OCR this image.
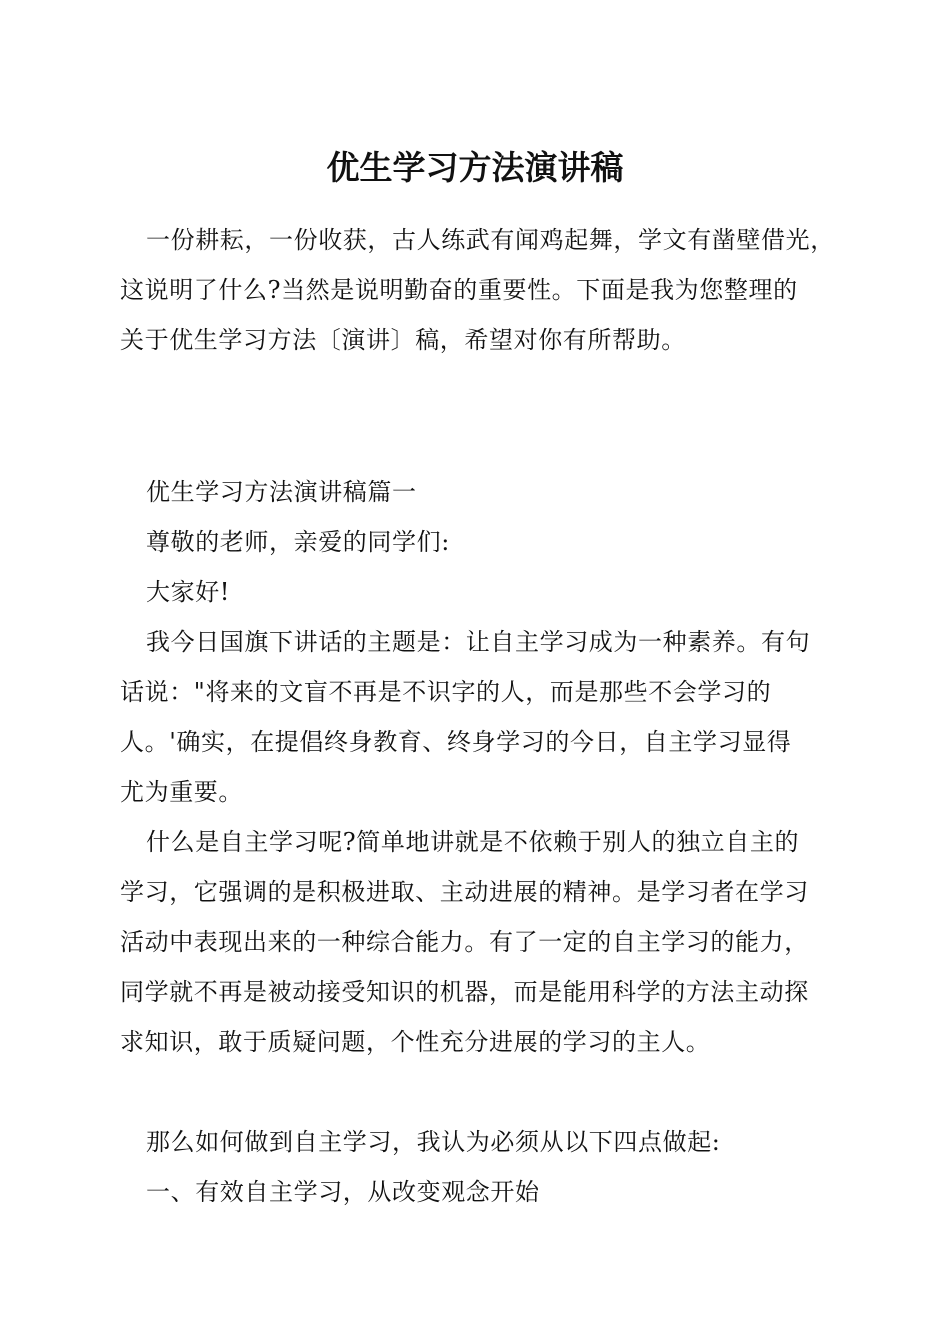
优生学习方法演讲稿
一份耕耘，一份收获，古人练武有闻鸡起舞，学文有凿壁借光，
这说明了什么?当然是说明勤奋的重要性。下面是我为您整理的
关于优生学习方法〔演讲〕稿，希望对你有所帮助。
优生学习方法演讲稿篇一
尊敬的老师，亲爱的同学们:
大家好!
我今日国旗下讲话的主题是：让自主学习成为一种素养。有句
话说："将来的文盲不再是不识字的人，而是那些不会学习的
人。'确实，在提倡终身教育、终身学习的今日，自主学习显得
尤为重要。
什么是自主学习呢?简单地讲就是不依赖于别人的独立自主的
学习，它强调的是积极进取、主动进展的精神。是学习者在学习
活动中表现出来的一种综合能力。有了一定的自主学习的能力，
同学就不再是被动接受知识的机器，而是能用科学的方法主动探
求知识，敢于质疑问题，个性充分进展的学习的主人。
那么如何做到自主学习，我认为必须从以下四点做起:
一、有效自主学习，从改变观念开始
